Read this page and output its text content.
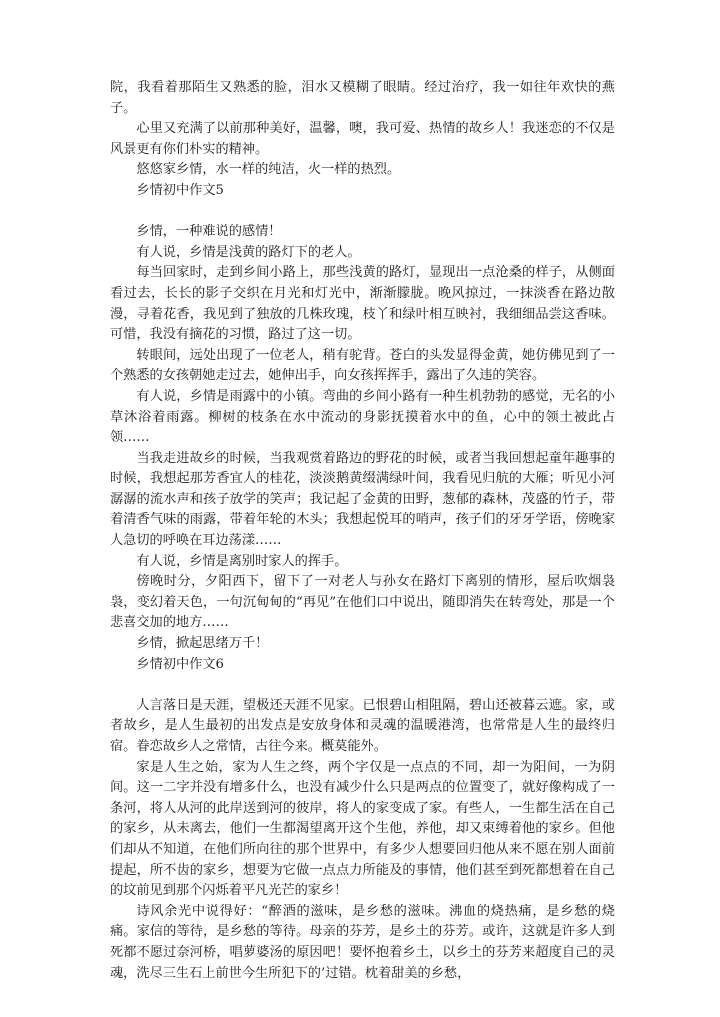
院，我看着那陌生又熟悉的脸，泪水又模糊了眼睛。经过治疗，我一如往年欢快的燕子。

心里又充满了以前那种美好，温馨，噢，我可爱、热情的故乡人！我迷恋的不仅是风景更有你们朴实的精神。

悠悠家乡情，水一样的纯洁，火一样的热烈。

乡情初中作文5

乡情，一种难说的感情！

有人说，乡情是浅黄的路灯下的老人。

每当回家时，走到乡间小路上，那些浅黄的路灯，显现出一点沧桑的样子，从侧面看过去，长长的影子交织在月光和灯光中，渐渐朦胧。晚风掠过，一抹淡香在路边散漫，寻着花香，我见到了独放的几株玫瑰，枝丫和绿叶相互映衬，我细细品尝这香味。可惜，我没有摘花的习惯，路过了这一切。

转眼间，远处出现了一位老人，稍有驼背。苍白的头发显得金黄，她仿佛见到了一个熟悉的女孩朝她走过去，她伸出手，向女孩挥挥手，露出了久违的笑容。

有人说，乡情是雨露中的小镇。弯曲的乡间小路有一种生机勃勃的感觉，无名的小草沐浴着雨露。柳树的枝条在水中流动的身影抚摸着水中的鱼，心中的领土被此占领……

当我走进故乡的时候，当我观赏着路边的野花的时候，或者当我回想起童年趣事的时候，我想起那芳香宜人的桂花，淡淡鹅黄缀满绿叶间，我看见归航的大雁；听见小河潺潺的流水声和孩子放学的笑声；我记起了金黄的田野，葱郁的森林，茂盛的竹子，带着清香气味的雨露，带着年轮的木头；我想起悦耳的哨声，孩子们的牙牙学语，傍晚家人急切的呼唤在耳边荡漾……

有人说，乡情是离别时家人的挥手。

傍晚时分，夕阳西下，留下了一对老人与孙女在路灯下离别的情形，屋后吹烟袅袅，变幻着天色，一句沉甸甸的“再见”在他们口中说出，随即消失在转弯处，那是一个悲喜交加的地方……

乡情，掀起思绪万千！

乡情初中作文6

人言落日是天涯，望极还天涯不见家。已恨碧山相阻隔，碧山还被暮云遮。家，或者故乡，是人生最初的出发点是安放身体和灵魂的温暖港湾，也常常是人生的最终归宿。眷恋故乡人之常情，古往今来。概莫能外。

家是人生之始，家为人生之终，两个字仅是一点点的不同，却一为阳间，一为阴间。这一二字并没有增多什么，也没有减少什么只是两点的位置变了，就好像构成了一条河，将人从河的此岸送到河的彼岸，将人的家变成了家。有些人，一生都生活在自己的家乡，从未离去，他们一生都渴望离开这个生他，养他，却又束缚着他的家乡。但他们却从不知道，在他们所向往的那个世界中，有多少人想要回归他从来不愿在别人面前提起，所不齿的家乡，想要为它做一点点力所能及的事情，他们甚至到死都想着在自己的坟前见到那个闪烁着平凡光芒的家乡！

诗风余光中说得好：“醉酒的滋味，是乡愁的滋味。沸血的烧热痛，是乡愁的烧痛。家信的等待，是乡愁的等待。母亲的芬芳，是乡土的芬芳。或许，这就是许多人到死都不愿过奈河桥，唱萝婆汤的原因吧！要怀抱着乡土，以乡土的芬芳来超度自己的灵魂，洗尽三生石上前世今生所犯下的’过错。枕着甜美的乡愁，
